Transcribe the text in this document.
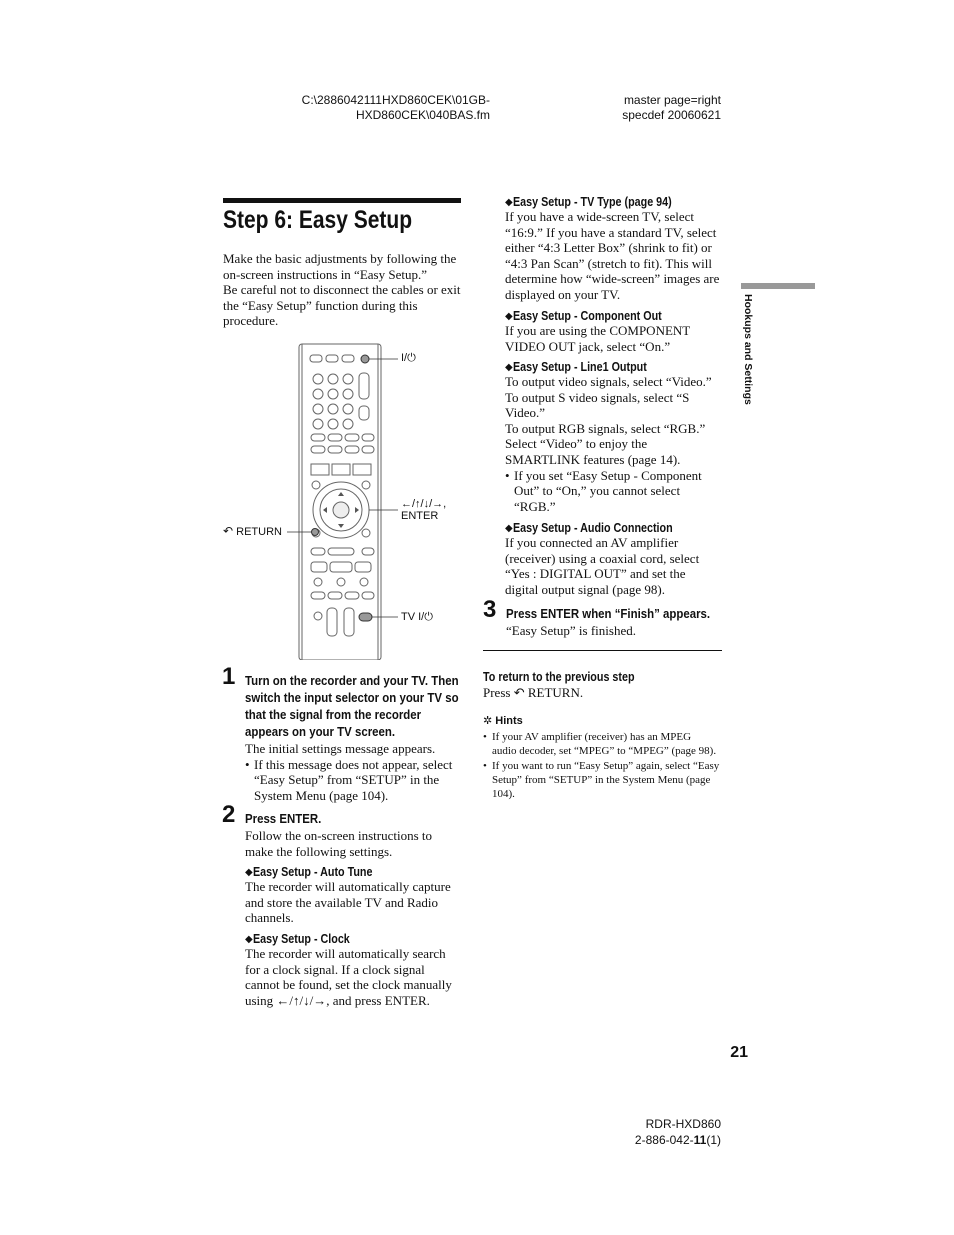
C:\2886042111HXD860CEK\01GB-
HXD860CEK\040BAS.fm
master page=right
specdef 20060621
Step 6: Easy Setup
Make the basic adjustments by following the
on-screen instructions in “Easy Setup.”
Be careful not to disconnect the cables or exit
the “Easy Setup” function during this
procedure.
I/⏻
←/↑/↓/→,
ENTER
↶ RETURN
TV I/⏻
1 Turn on the recorder and your TV. Then switch the input selector on your TV so that the signal from the recorder appears on your TV screen.

The initial settings message appears.

• If this message does not appear, select “Easy Setup” from “SETUP” in the System Menu (page 104).

2 Press ENTER.
Follow the on-screen instructions to make the following settings.
◆Easy Setup - Auto Tune
The recorder will automatically capture and store the available TV and Radio channels.
◆Easy Setup - Clock
The recorder will automatically search for a clock signal. If a clock signal cannot be found, set the clock manually using ←/↑/↓/→, and press ENTER.
◆Easy Setup - TV Type (page 94)
If you have a wide-screen TV, select “16:9.” If you have a standard TV, select either “4:3 Letter Box” (shrink to fit) or “4:3 Pan Scan” (stretch to fit). This will determine how “wide-screen” images are displayed on your TV.
◆Easy Setup - Component Out
If you are using the COMPONENT VIDEO OUT jack, select “On.”
◆Easy Setup - Line1 Output
To output video signals, select “Video.” To output S video signals, select “S Video.”
To output RGB signals, select “RGB.” Select “Video” to enjoy the SMARTLINK features (page 14).
• If you set “Easy Setup - Component Out” to “On,” you cannot select “RGB.”
◆Easy Setup - Audio Connection
If you connected an AV amplifier (receiver) using a coaxial cord, select “Yes : DIGITAL OUT” and set the digital output signal (page 98).
3 Press ENTER when “Finish” appears.
“Easy Setup” is finished.
To return to the previous step
Press ↶ RETURN.
✲ Hints
• If your AV amplifier (receiver) has an MPEG audio decoder, set “MPEG” to “MPEG” (page 98).
• If you want to run “Easy Setup” again, select “Easy Setup” from “SETUP” in the System Menu (page 104).
Hookups and Settings
21
RDR-HXD860
2-886-042-11(1)
